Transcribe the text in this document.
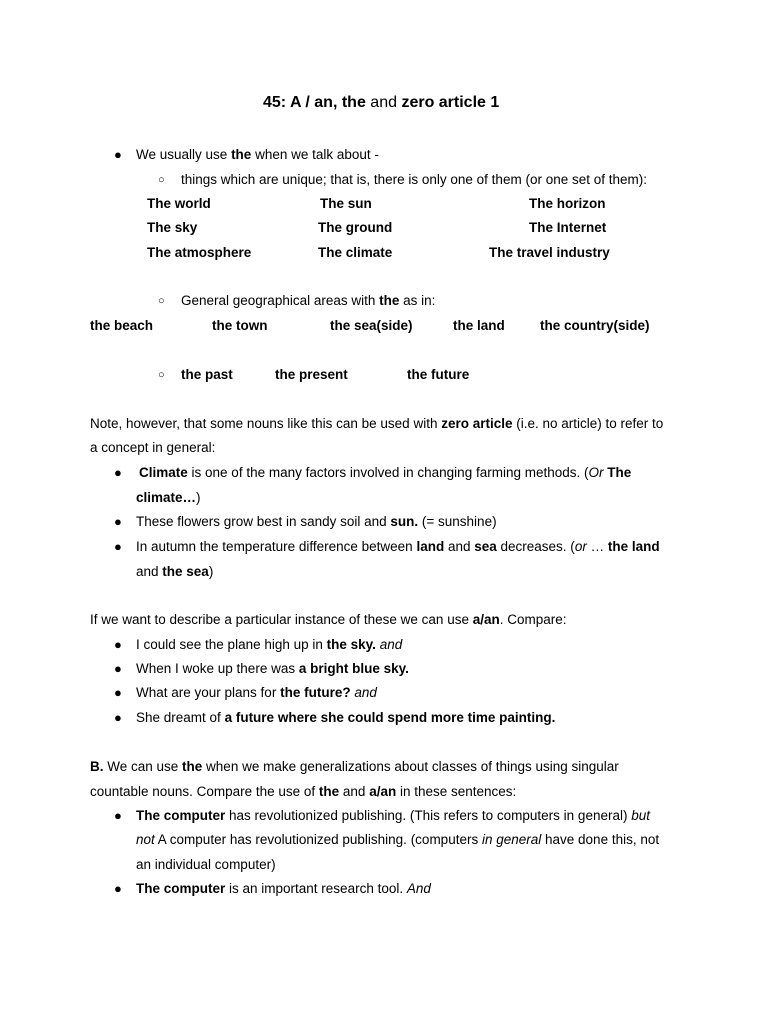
45: A / an, the and zero article 1
● We usually use the when we talk about -
○ things which are unique; that is, there is only one of them (or one set of them):
The world	The sun	The horizon
The sky	The ground	The Internet
The atmosphere	The climate	The travel industry
○ General geographical areas with the as in:
the beach	the town	the sea(side)	the land	the country(side)
○ the past	the present	the future
Note, however, that some nouns like this can be used with zero article (i.e. no article) to refer to
a concept in general:
● Climate is one of the many factors involved in changing farming methods. (Or The
climate…)
● These flowers grow best in sandy soil and sun. (= sunshine)
● In autumn the temperature difference between land and sea decreases. (or … the land
and the sea)
If we want to describe a particular instance of these we can use a/an. Compare:
● I could see the plane high up in the sky. and
● When I woke up there was a bright blue sky.
● What are your plans for the future? and
● She dreamt of a future where she could spend more time painting.
B. We can use the when we make generalizations about classes of things using singular
countable nouns. Compare the use of the and a/an in these sentences:
● The computer has revolutionized publishing. (This refers to computers in general) but
not A computer has revolutionized publishing. (computers in general have done this, not
an individual computer)
● The computer is an important research tool. And
